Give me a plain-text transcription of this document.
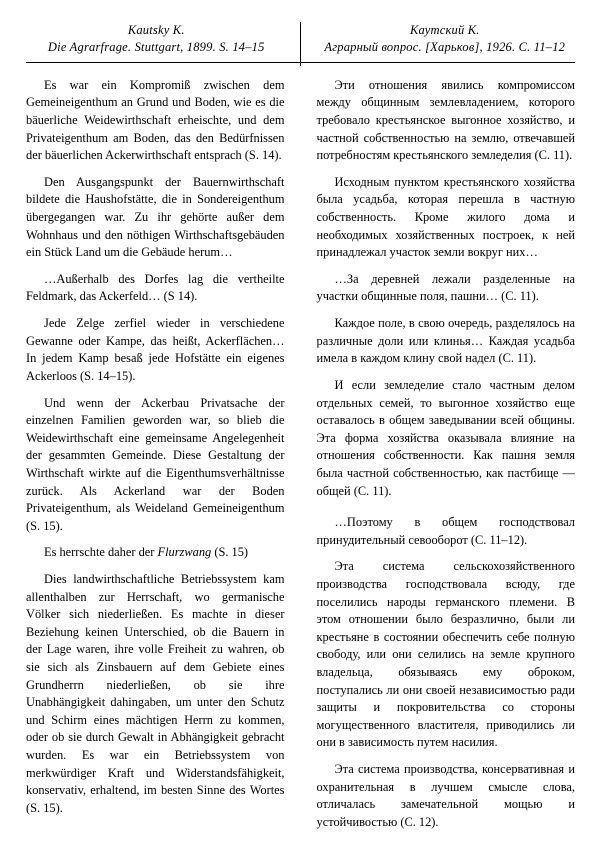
Kautsky K.
Die Agrarfrage. Stuttgart, 1899. S. 14–15
Каутский К.
Аграрный вопрос. [Харьков], 1926. С. 11–12

Es war ein Kompromiß zwischen dem Gemeineigenthum an Grund und Boden, wie es die bäuerliche Weidewirthschaft erheischte, und dem Privateigenthum am Boden, das den Bedürfnissen der bäuerlichen Ackerwirthschaft entsprach (S. 14).

Den Ausgangspunkt der Bauernwirthschaft bildete die Haushofstätte, die in Sondereigenthum übergegangen war. Zu ihr gehörte außer dem Wohnhaus und den nöthigen Wirthschaftsgebäuden ein Stück Land um die Gebäude herum…

…Außerhalb des Dorfes lag die vertheilte Feldmark, das Ackerfeld… (S 14).

Jede Zelge zerfiel wieder in verschiedene Gewanne oder Kampe, das heißt, Ackerflächen… In jedem Kamp besaß jede Hofstätte ein eigenes Ackerloos (S. 14–15).

Und wenn der Ackerbau Privatsache der einzelnen Familien geworden war, so blieb die Weidewirthschaft eine gemeinsame Angelegenheit der gesammten Gemeinde. Diese Gestaltung der Wirthschaft wirkte auf die Eigenthumsverhältnisse zurück. Als Ackerland war der Boden Privateigenthum, als Weideland Gemeineigenthum (S. 15).

Es herrschte daher der Flurzwang (S. 15)

Dies landwirthschaftliche Betriebssystem kam allenthalben zur Herrschaft, wo germanische Völker sich niederließen. Es machte in dieser Beziehung keinen Unterschied, ob die Bauern in der Lage waren, ihre volle Freiheit zu wahren, ob sie sich als Zinsbauern auf dem Gebiete eines Grundherrn niederließen, ob sie ihre Unabhängigkeit dahingaben, um unter den Schutz und Schirm eines mächtigen Herrn zu kommen, oder ob sie durch Gewalt in Abhängigkeit gebracht wurden. Es war ein Betriebssystem von merkwürdiger Kraft und Widerstandsfähigkeit, konservativ, erhaltend, im besten Sinne des Wortes (S. 15).

Эти отношения явились компромиссом между общинным землевладением, которого требовало крестьянское выгонное хозяйство, и частной собственностью на землю, отвечавшей потребностям крестьянского земледелия (С. 11).

Исходным пунктом крестьянского хозяйства была усадьба, которая перешла в частную собственность. Кроме жилого дома и необходимых хозяйственных построек, к ней принадлежал участок земли вокруг них…

…За деревней лежали разделенные на участки общинные поля, пашни… (С. 11).

Каждое поле, в свою очередь, разделялось на различные доли или клинья… Каждая усадьба имела в каждом клину свой надел (С. 11).

И если земледелие стало частным делом отдельных семей, то выгонное хозяйство еще оставалось в общем заведывании всей общины. Эта форма хозяйства оказывала влияние на отношения собственности. Как пашня земля была частной собственностью, как пастбище — общей (С. 11).

…Поэтому в общем господствовал принудительный севооборот (С. 11–12).

Эта система сельскохозяйственного производства господствовала всюду, где поселились народы германского племени. В этом отношении было безразлично, были ли крестьяне в состоянии обеспечить себе полную свободу, или они селились на земле крупного владельца, обязываясь ему оброком, поступались ли они своей независимостью ради защиты и покровительства со стороны могущественного властителя, приводились ли они в зависимость путем насилия.

Эта система производства, консервативная и охранительная в лучшем смысле слова, отличалась замечательной мощью и устойчивостью (С. 12).
